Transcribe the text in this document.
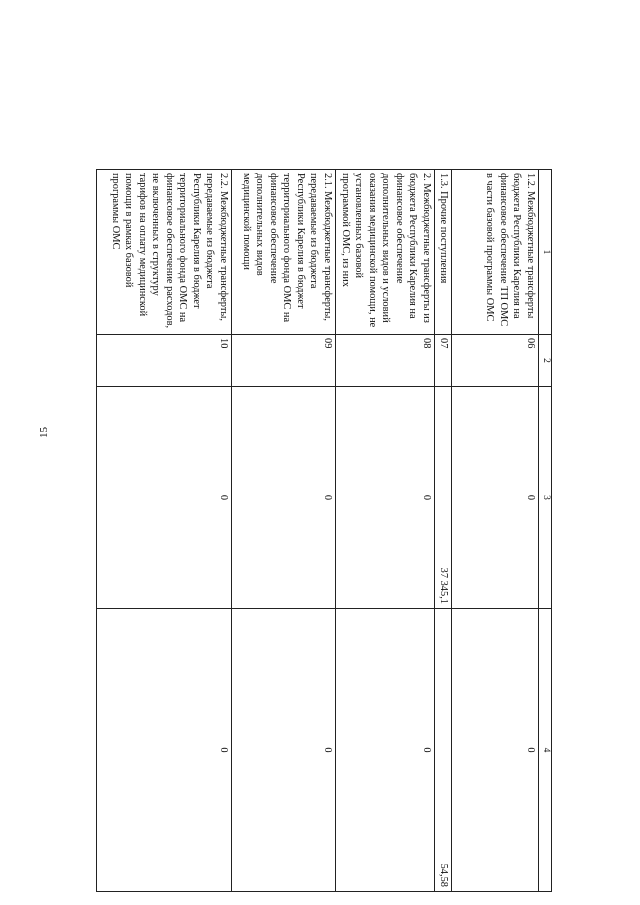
15
1	2	3	4
1.2. Межбюджетные трансферты бюджета Республики Карелия на финансовое обеспечение ТП ОМС в части базовой программы ОМС	06	0	0
1.3. Прочие поступления	07	37 345,1	54,58
2. Межбюджетные трансферты из бюджета Республики Карелия на финансовое обеспечение дополнительных видов и условий оказания медицинской помощи, не установленных базовой программой ОМС, из них	08	0	0
2.1. Межбюджетные трансферты, передаваемые из бюджета Республики Карелия в бюджет территориального фонда ОМС на финансовое обеспечение дополнительных видов медицинской помощи	09	0	0
2.2. Межбюджетные трансферты, передаваемые из бюджета Республики Карелия в бюджет территориального фонда ОМС на финансовое обеспечение расходов, не включенных в структуру тарифов на оплату медицинской помощи в рамках базовой программы ОМС	10	0	0
